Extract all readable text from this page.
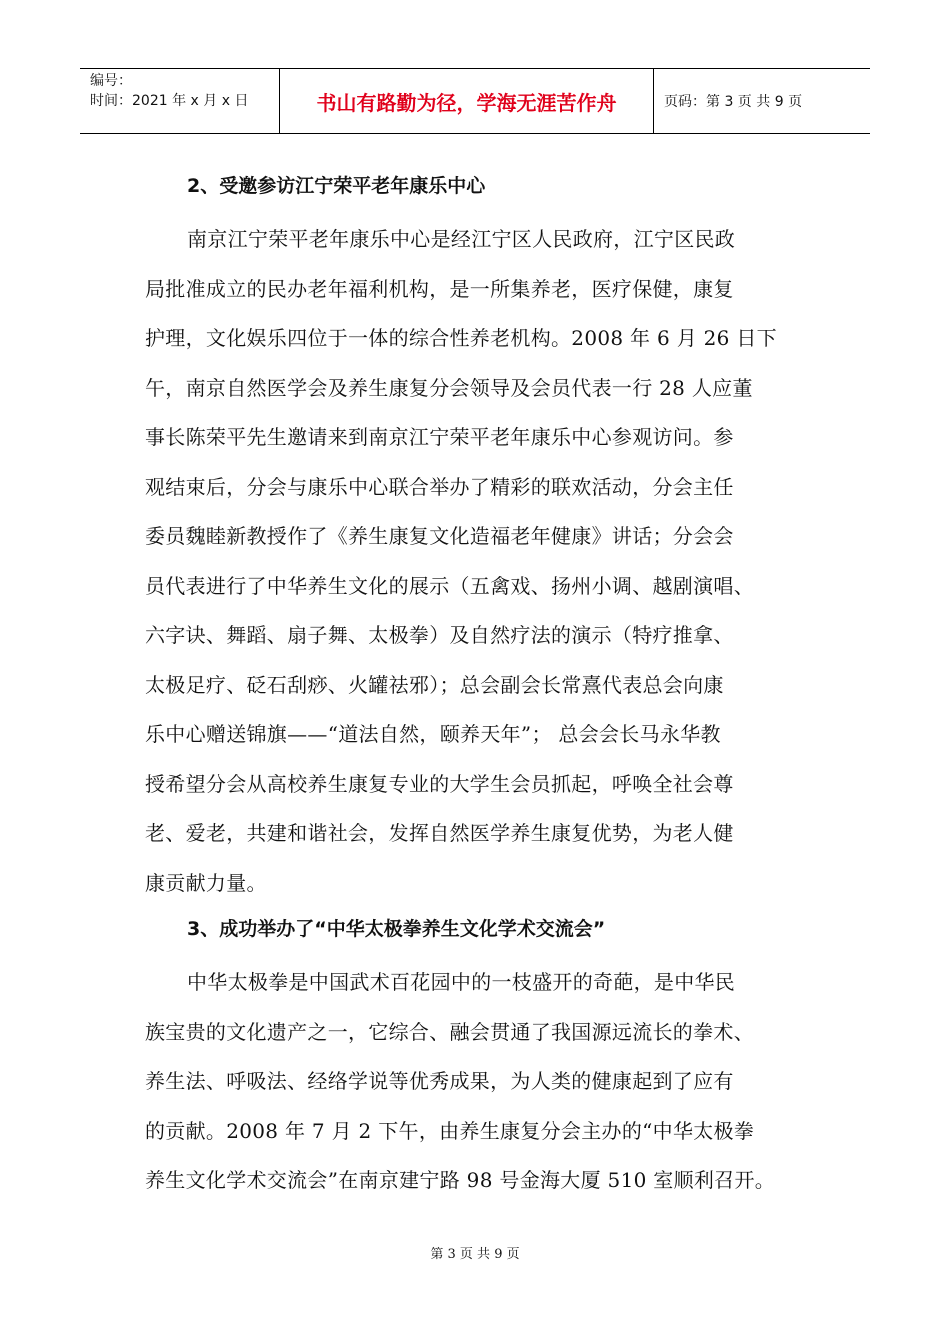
编号：
时间：2021 年 x 月 x 日	书山有路勤为径，学海无涯苦作舟	页码：第 3 页 共 9 页
2、受邀参访江宁荣平老年康乐中心

南京江宁荣平老年康乐中心是经江宁区人民政府，江宁区民政
局批准成立的民办老年福利机构，是一所集养老，医疗保健，康复
护理，文化娱乐四位于一体的综合性养老机构。2008 年 6 月 26 日下
午，南京自然医学会及养生康复分会领导及会员代表一行 28 人应董
事长陈荣平先生邀请来到南京江宁荣平老年康乐中心参观访问。参
观结束后，分会与康乐中心联合举办了精彩的联欢活动，分会主任
委员魏睦新教授作了《养生康复文化造福老年健康》讲话；分会会
员代表进行了中华养生文化的展示（五禽戏、扬州小调、越剧演唱、
六字诀、舞蹈、扇子舞、太极拳）及自然疗法的演示（特疗推拿、
太极足疗、砭石刮痧、火罐祛邪）；总会副会长常熹代表总会向康
乐中心赠送锦旗——“道法自然，颐养天年”； 总会会长马永华教
授希望分会从高校养生康复专业的大学生会员抓起，呼唤全社会尊
老、爱老，共建和谐社会，发挥自然医学养生康复优势，为老人健
康贡献力量。

3、成功举办了“中华太极拳养生文化学术交流会”

中华太极拳是中国武术百花园中的一枝盛开的奇葩，是中华民
族宝贵的文化遗产之一，它综合、融会贯通了我国源远流长的拳术、
养生法、呼吸法、经络学说等优秀成果，为人类的健康起到了应有
的贡献。2008 年 7 月 2 下午，由养生康复分会主办的“中华太极拳
养生文化学术交流会”在南京建宁路 98 号金海大厦 510 室顺利召开。

第 3 页 共 9 页
